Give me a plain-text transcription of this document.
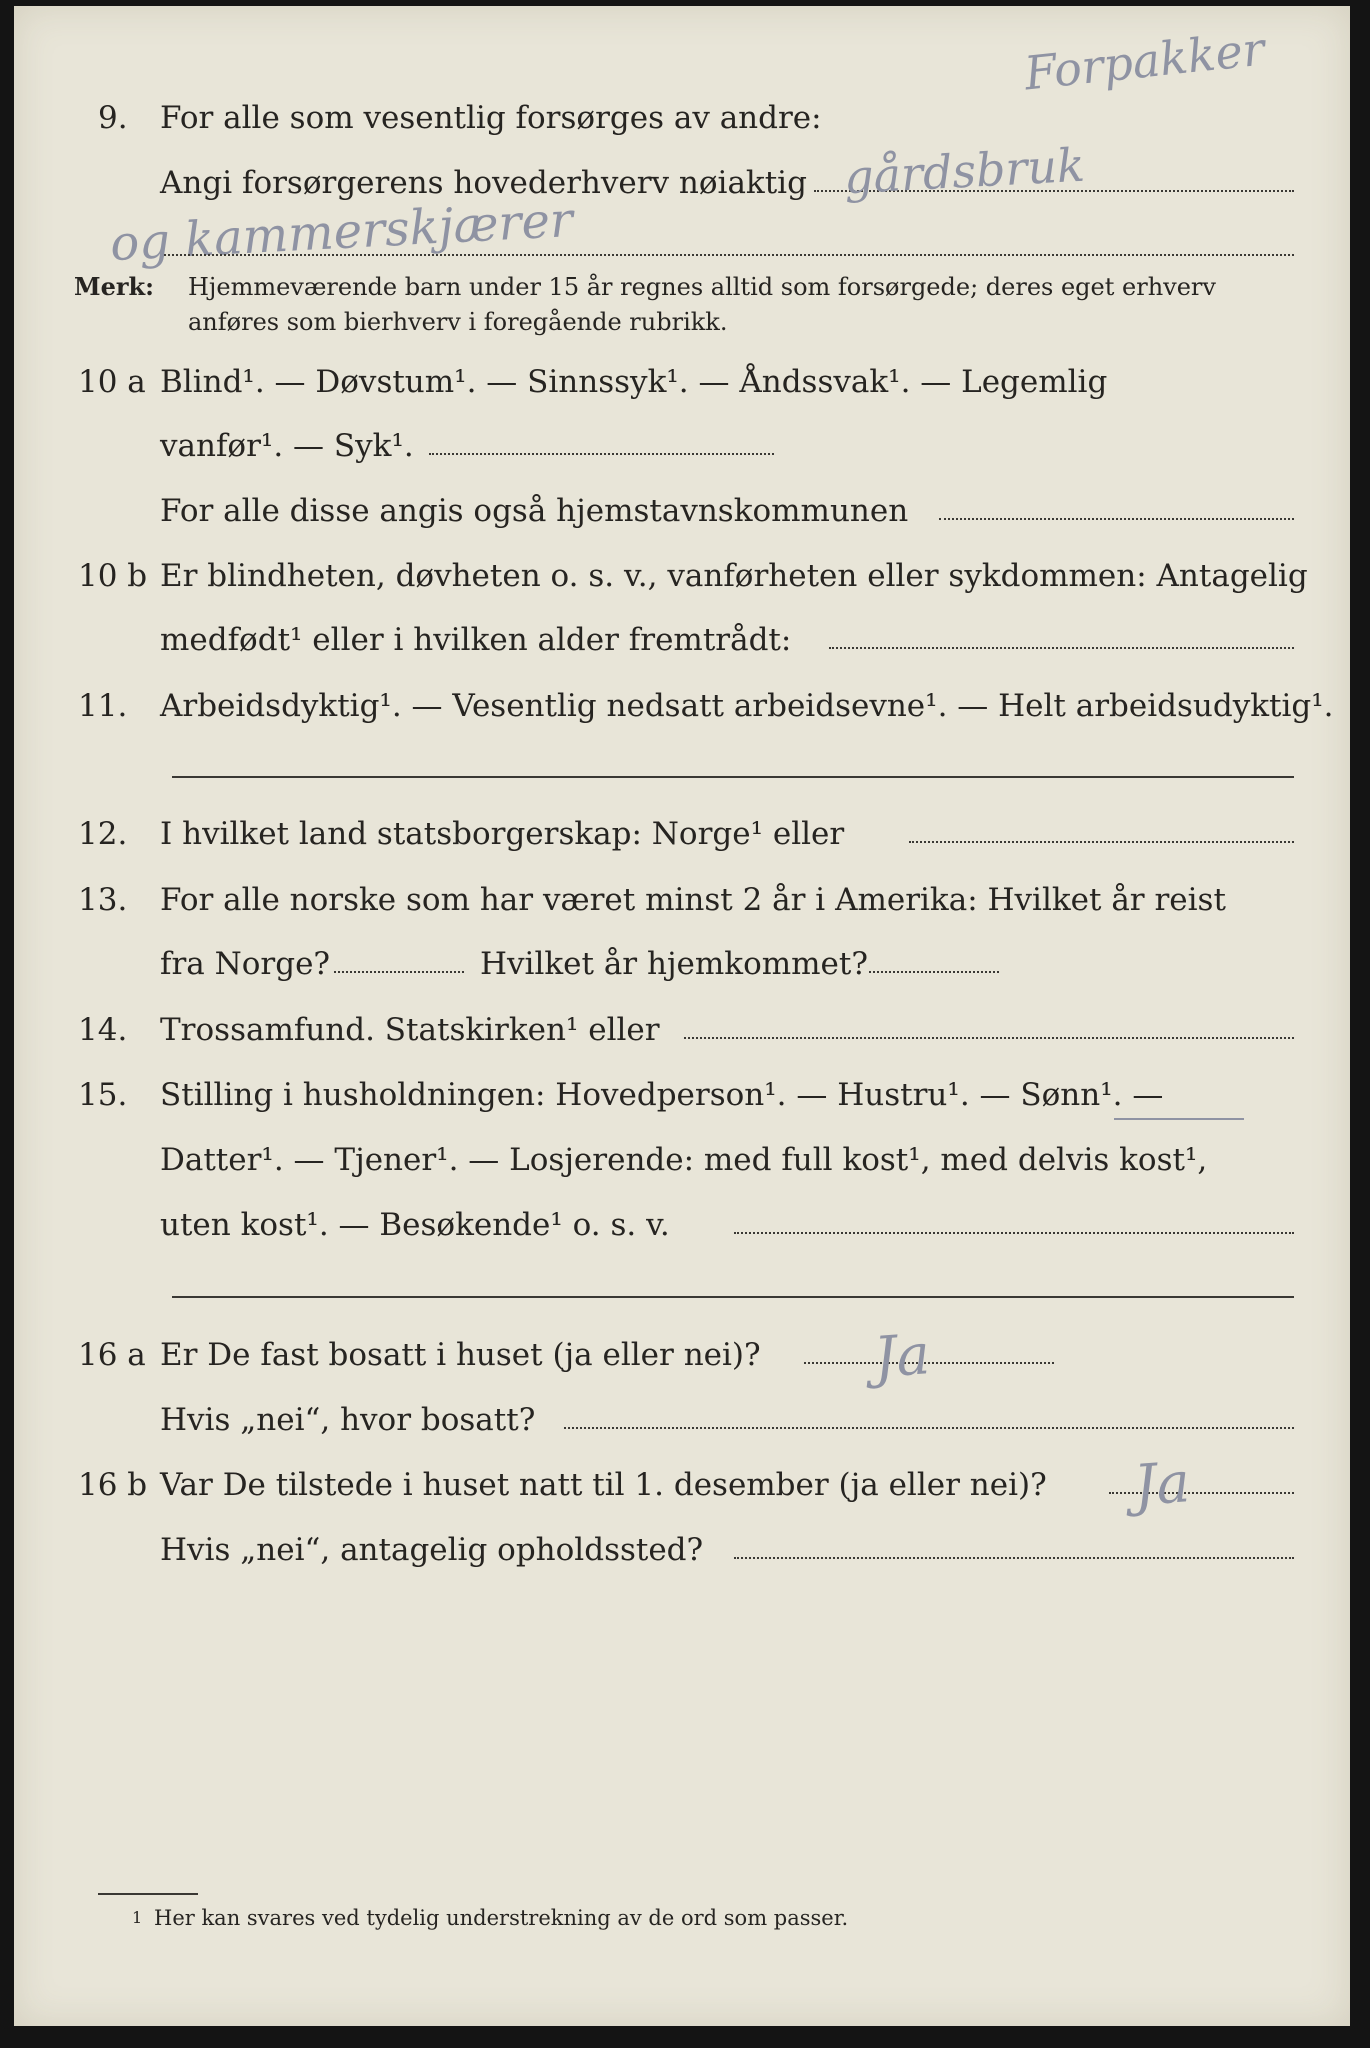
9. For alle som vesentlig forsørges av andre:
Forpakker
Angi forsørgerens hovederhverv nøiaktig gårdsbruk
og kammerskjærer
Merk: Hjemmeværende barn under 15 år regnes alltid som forsørgede; deres eget erhverv
anføres som bierhverv i foregående rubrikk.
10 a Blind¹. — Døvstum¹. — Sinnssyk¹. — Åndssvak¹. — Legemlig
vanfør¹. — Syk¹.
For alle disse angis også hjemstavnskommunen
10 b Er blindheten, døvheten o. s. v., vanførheten eller sykdommen: Antagelig
medfødt¹ eller i hvilken alder fremtrådt:
11. Arbeidsdyktig¹. — Vesentlig nedsatt arbeidsevne¹. — Helt arbeidsudyktig¹.
12. I hvilket land statsborgerskap: Norge¹ eller
13. For alle norske som har været minst 2 år i Amerika: Hvilket år reist
fra Norge?	Hvilket år hjemkommet?
14. Trossamfund. Statskirken¹ eller
15. Stilling i husholdningen: Hovedperson¹. — Hustru¹. — Sønn¹. —
Datter¹. — Tjener¹. — Losjerende: med full kost¹, med delvis kost¹,
uten kost¹. — Besøkende¹ o. s. v.
16 a Er De fast bosatt i huset (ja eller nei)? Ja
Hvis „nei“, hvor bosatt?
16 b Var De tilstede i huset natt til 1. desember (ja eller nei)? Ja
Hvis „nei“, antagelig opholdssted?
1 Her kan svares ved tydelig understrekning av de ord som passer.
